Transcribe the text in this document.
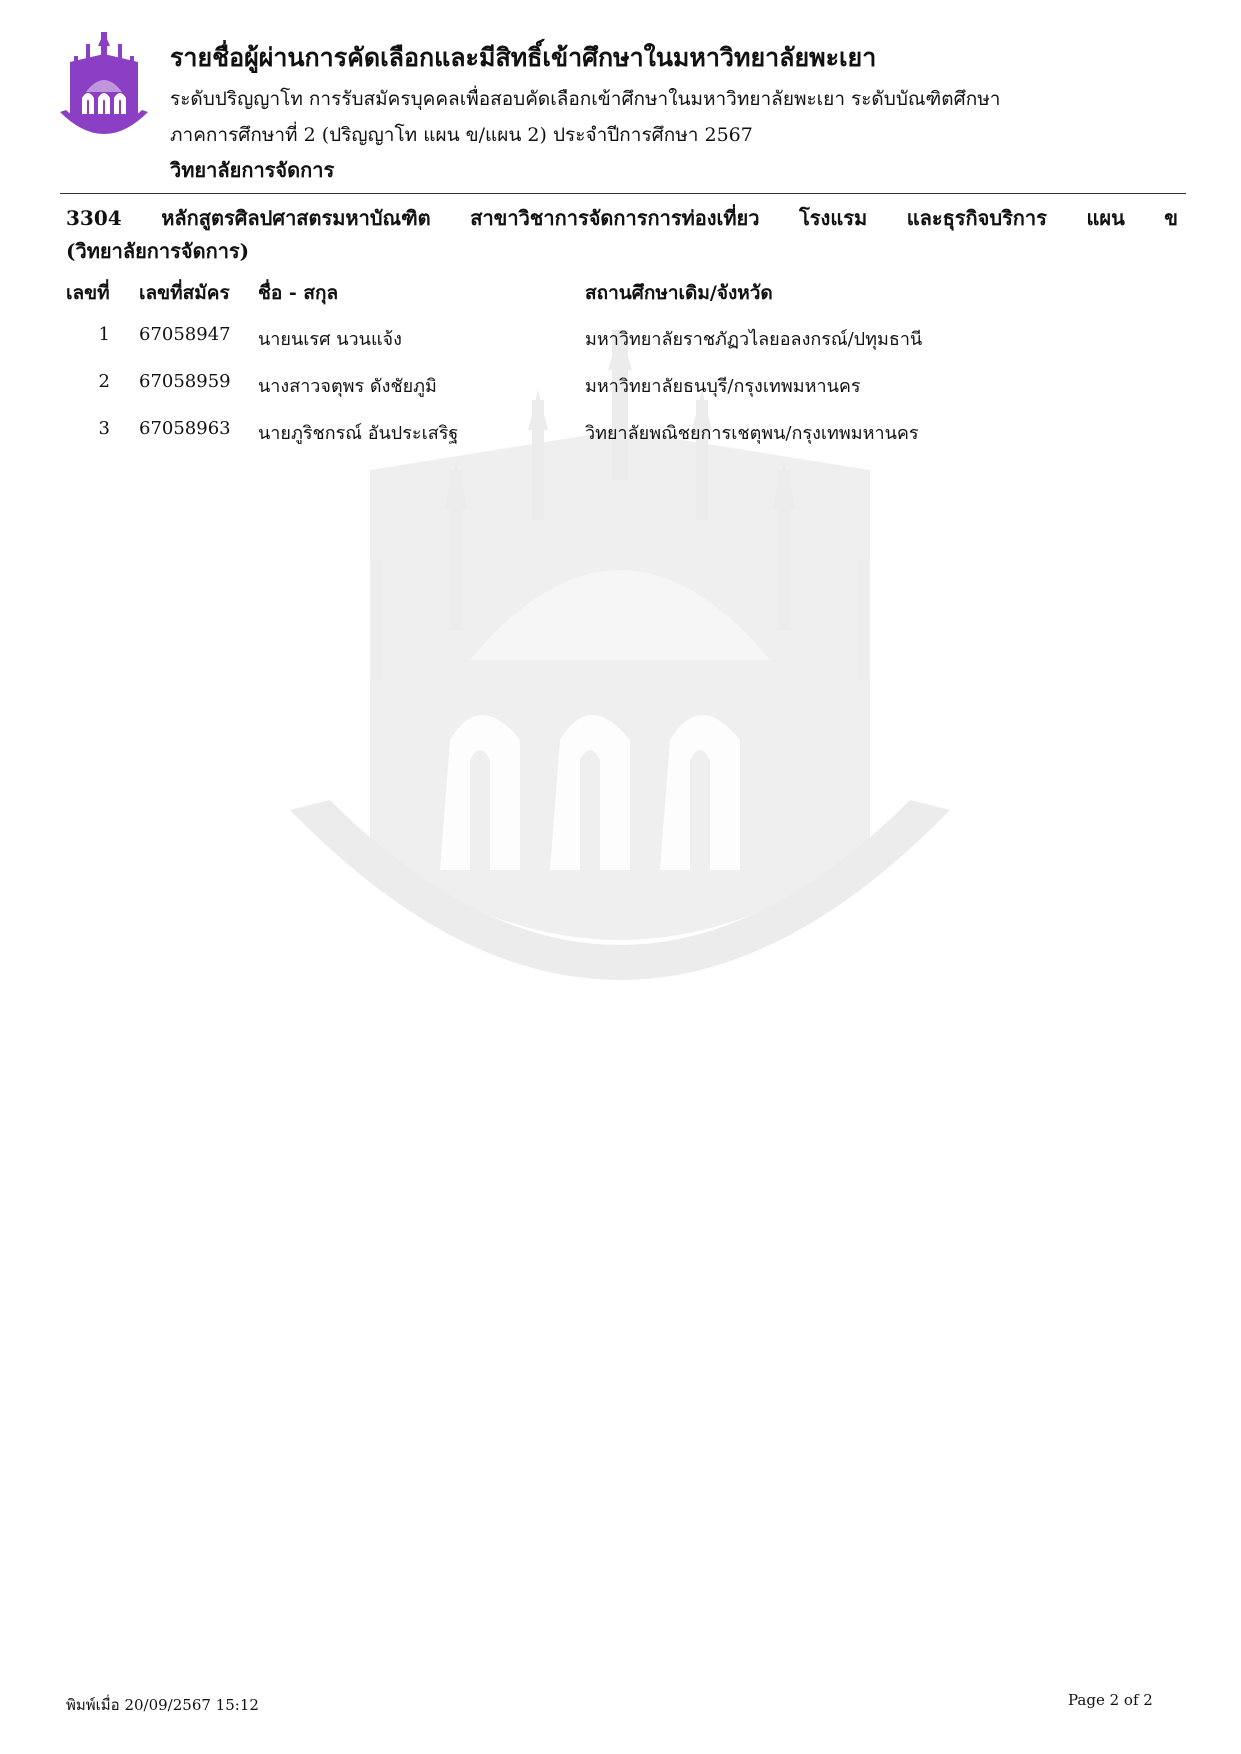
รายชื่อผู้ผ่านการคัดเลือกและมีสิทธิ์เข้าศึกษาในมหาวิทยาลัยพะเยา
ระดับปริญญาโท การรับสมัครบุคคลเพื่อสอบคัดเลือกเข้าศึกษาในมหาวิทยาลัยพะเยา ระดับบัณฑิตศึกษา
ภาคการศึกษาที่ 2 (ปริญญาโท แผน ข/แผน 2) ประจำปีการศึกษา 2567
วิทยาลัยการจัดการ
3304 หลักสูตรศิลปศาสตรมหาบัณฑิต สาขาวิชาการจัดการการท่องเที่ยว โรงแรม และธุรกิจบริการ แผน ข
(วิทยาลัยการจัดการ)
เลขที่ เลขที่สมัคร ชื่อ - สกุล	สถานศึกษาเดิม/จังหวัด
1 67058947 นายนเรศ นวนแจ้ง	มหาวิทยาลัยราชภัฏวไลยอลงกรณ์/ปทุมธานี
2 67058959 นางสาวจตุพร ดังชัยภูมิ	มหาวิทยาลัยธนบุรี/กรุงเทพมหานคร
3 67058963 นายภูริชกรณ์ อันประเสริฐ	วิทยาลัยพณิชยการเชตุพน/กรุงเทพมหานคร
พิมพ์เมื่อ 20/09/2567 15:12	Page 2 of 2
